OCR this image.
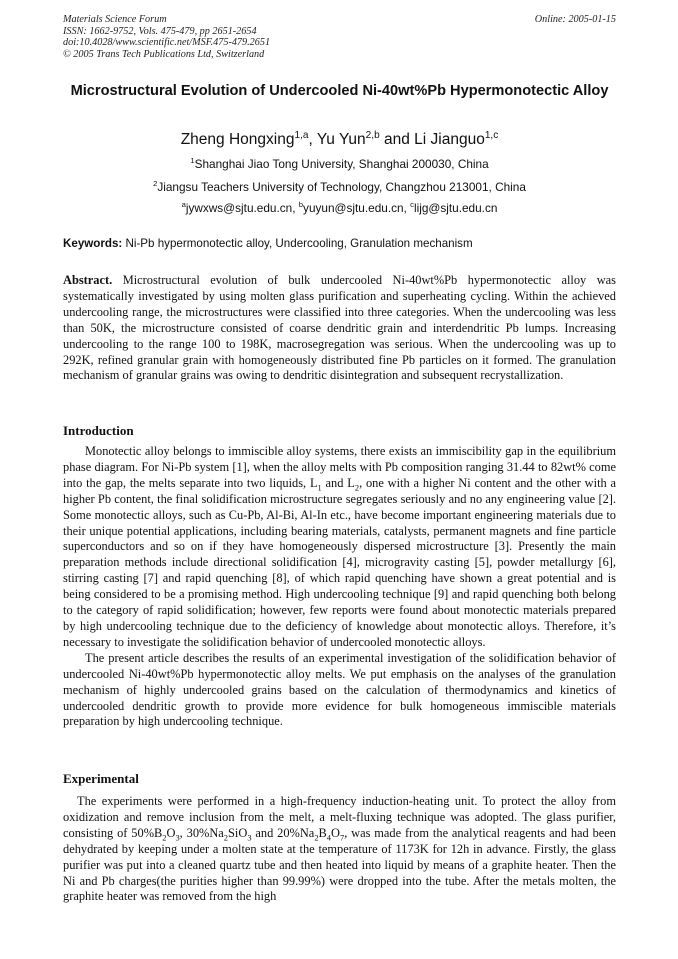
Materials Science Forum
ISSN: 1662-9752, Vols. 475-479, pp 2651-2654
doi:10.4028/www.scientific.net/MSF.475-479.2651
© 2005 Trans Tech Publications Ltd, Switzerland
Online: 2005-01-15
Microstructural Evolution of Undercooled Ni-40wt%Pb Hypermonotectic Alloy
Zheng Hongxing$^{1,a}$, Yu Yun$^{2,b}$ and Li Jianguo$^{1,c}$
$^1$Shanghai Jiao Tong University, Shanghai 200030, China
$^2$Jiangsu Teachers University of Technology, Changzhou 213001, China
$^a$jywxws@sjtu.edu.cn, $^b$yuyun@sjtu.edu.cn, $^c$lijg@sjtu.edu.cn
Keywords: Ni-Pb hypermonotectic alloy, Undercooling, Granulation mechanism
Abstract. Microstructural evolution of bulk undercooled Ni-40wt%Pb hypermonotectic alloy was systematically investigated by using molten glass purification and superheating cycling. Within the achieved undercooling range, the microstructures were classified into three categories. When the undercooling was less than 50K, the microstructure consisted of coarse dendritic grain and interdendritic Pb lumps. Increasing undercooling to the range 100 to 198K, macrosegregation was serious. When the undercooling was up to 292K, refined granular grain with homogeneously distributed fine Pb particles on it formed. The granulation mechanism of granular grains was owing to dendritic disintegration and subsequent recrystallization.
Introduction

Monotectic alloy belongs to immiscible alloy systems, there exists an immiscibility gap in the equilibrium phase diagram. For Ni-Pb system [1], when the alloy melts with Pb composition ranging 31.44 to 82wt% come into the gap, the melts separate into two liquids, $L_1$ and $L_2$, one with a higher Ni content and the other with a higher Pb content, the final solidification microstructure segregates seriously and no any engineering value [2]. Some monotectic alloys, such as Cu-Pb, Al-Bi, Al-In etc., have become important engineering materials due to their unique potential applications, including bearing materials, catalysts, permanent magnets and fine particle superconductors and so on if they have homogeneously dispersed microstructure [3]. Presently the main preparation methods include directional solidification [4], microgravity casting [5], powder metallurgy [6], stirring casting [7] and rapid quenching [8], of which rapid quenching have shown a great potential and is being considered to be a promising method. High undercooling technique [9] and rapid quenching both belong to the category of rapid solidification; however, few reports were found about monotectic materials prepared by high undercooling technique due to the deficiency of knowledge about monotectic alloys. Therefore, it’s necessary to investigate the solidification behavior of undercooled monotectic alloys.

The present article describes the results of an experimental investigation of the solidification behavior of undercooled Ni-40wt%Pb hypermonotectic alloy melts. We put emphasis on the analyses of the granulation mechanism of highly undercooled grains based on the calculation of thermodynamics and kinetics of undercooled dendritic growth to provide more evidence for bulk homogeneous immiscible materials preparation by high undercooling technique.

Experimental

The experiments were performed in a high-frequency induction-heating unit. To protect the alloy from oxidization and remove inclusion from the melt, a melt-fluxing technique was adopted. The glass purifier, consisting of $50\%B_2O_3$, $30\%Na_2SiO_3$ and $20\%Na_2B_4O_7$, was made from the analytical reagents and had been dehydrated by keeping under a molten state at the temperature of 1173K for 12h in advance. Firstly, the glass purifier was put into a cleaned quartz tube and then heated into liquid by means of a graphite heater. Then the Ni and Pb charges(the purities higher than 99.99%) were dropped into the tube. After the metals molten, the graphite heater was removed from the high
